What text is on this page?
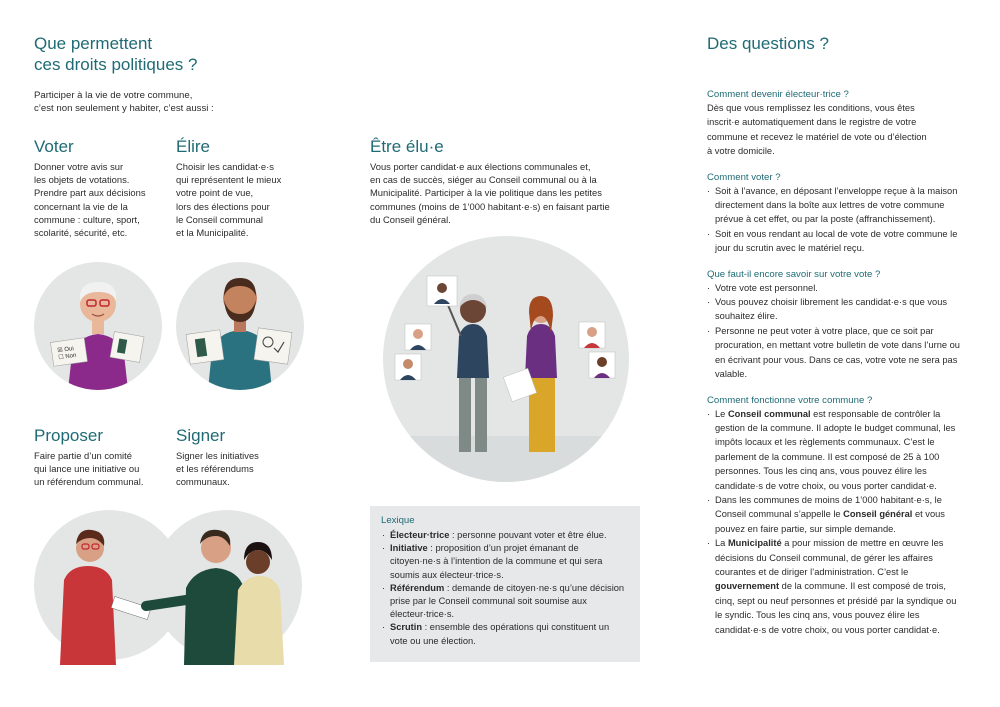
Que permettent
ces droits politiques ?
Participer à la vie de votre commune,
c’est non seulement y habiter, c’est aussi :
Voter
Donner votre avis sur
les objets de votations.
Prendre part aux décisions
concernant la vie de la
commune : culture, sport,
scolarité, sécurité, etc.
Élire
Choisir les candidat·e·s
qui représentent le mieux
votre point de vue,
lors des élections pour
le Conseil communal
et la Municipalité.
☒ Oui
☐ Non
Proposer
Faire partie d’un comité
qui lance une initiative ou
un référendum communal.
Signer
Signer les initiatives
et les référendums
communaux.
Être élu·e
Vous porter candidat·e aux élections communales et,
en cas de succès, siéger au Conseil communal ou à la
Municipalité. Participer à la vie politique dans les petites
communes (moins de 1’000 habitant·e·s) en faisant partie
du Conseil général.
Lexique
· Électeur·trice : personne pouvant voter et être élue.
· Initiative : proposition d’un projet émanant de citoyen·ne·s à l’intention de la commune et qui sera soumis aux électeur·trice·s.
· Référendum : demande de citoyen·ne·s qu’une décision prise par le Conseil communal soit soumise aux électeur·trice·s.
· Scrutin : ensemble des opérations qui constituent un vote ou une élection.
Des questions ?
Comment devenir électeur·trice ?
Dès que vous remplissez les conditions, vous êtes
inscrit·e automatiquement dans le registre de votre
commune et recevez le matériel de vote ou d’élection
à votre domicile.
Comment voter ?
· Soit à l’avance, en déposant l’enveloppe reçue à la maison directement dans la boîte aux lettres de votre commune prévue à cet effet, ou par la poste (affranchissement).
· Soit en vous rendant au local de vote de votre commune le jour du scrutin avec le matériel reçu.
Que faut-il encore savoir sur votre vote ?
· Votre vote est personnel.
· Vous pouvez choisir librement les candidat·e·s que vous souhaitez élire.
· Personne ne peut voter à votre place, que ce soit par procuration, en mettant votre bulletin de vote dans l’urne ou en écrivant pour vous. Dans ce cas, votre vote ne sera pas valable.
Comment fonctionne votre commune ?
· Le Conseil communal est responsable de contrôler la gestion de la commune. Il adopte le budget communal, les impôts locaux et les règlements communaux. C’est le parlement de la commune. Il est composé de 25 à 100 personnes. Tous les cinq ans, vous pouvez élire les candidate·s de votre choix, ou vous porter candidat·e.
· Dans les communes de moins de 1’000 habitant·e·s, le Conseil communal s’appelle le Conseil général et vous pouvez en faire partie, sur simple demande.
· La Municipalité a pour mission de mettre en œuvre les décisions du Conseil communal, de gérer les affaires courantes et de diriger l’administration. C’est le gouvernement de la commune. Il est composé de trois, cinq, sept ou neuf personnes et présidé par la syndique ou le syndic. Tous les cinq ans, vous pouvez élire les candidat·e·s de votre choix, ou vous porter candidat·e.
